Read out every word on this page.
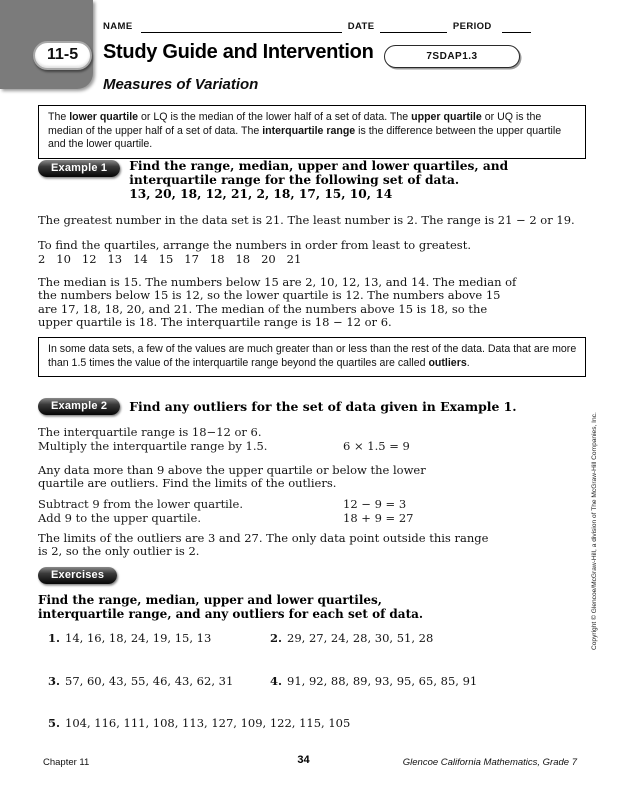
NAME	DATE	PERIOD
11-5	Study Guide and Intervention	7SDAP1.3
Measures of Variation
The lower quartile or LQ is the median of the lower half of a set of data. The upper quartile or UQ is the median of the upper half of a set of data. The interquartile range is the difference between the upper quartile and the lower quartile.
Example 1	Find the range, median, upper and lower quartiles, and
interquartile range for the following set of data.
13, 20, 18, 12, 21, 2, 18, 17, 15, 10, 14
The greatest number in the data set is 21. The least number is 2. The range is 21 − 2 or 19.
To find the quartiles, arrange the numbers in order from least to greatest.
2   10   12   13   14   15   17   18   18   20   21
The median is 15. The numbers below 15 are 2, 10, 12, 13, and 14. The median of the numbers below 15 is 12, so the lower quartile is 12. The numbers above 15 are 17, 18, 18, 20, and 21. The median of the numbers above 15 is 18, so the upper quartile is 18. The interquartile range is 18 − 12 or 6.
In some data sets, a few of the values are much greater than or less than the rest of the data. Data that are more than 1.5 times the value of the interquartile range beyond the quartiles are called outliers.
Example 2	Find any outliers for the set of data given in Example 1.
The interquartile range is 18−12 or 6.
Multiply the interquartile range by 1.5.	6 × 1.5 = 9
Any data more than 9 above the upper quartile or below the lower quartile are outliers. Find the limits of the outliers.
Subtract 9 from the lower quartile.	12 − 9 = 3
Add 9 to the upper quartile.	18 + 9 = 27
The limits of the outliers are 3 and 27. The only data point outside this range is 2, so the only outlier is 2.
Exercises
Find the range, median, upper and lower quartiles, interquartile range, and any outliers for each set of data.
1. 14, 16, 18, 24, 19, 15, 13	2. 29, 27, 24, 28, 30, 51, 28
3. 57, 60, 43, 55, 46, 43, 62, 31	4. 91, 92, 88, 89, 93, 95, 65, 85, 91
5. 104, 116, 111, 108, 113, 127, 109, 122, 115, 105
Chapter 11	34	Glencoe California Mathematics, Grade 7
Copyright © Glencoe/McGraw-Hill, a division of The McGraw-Hill Companies, Inc.
